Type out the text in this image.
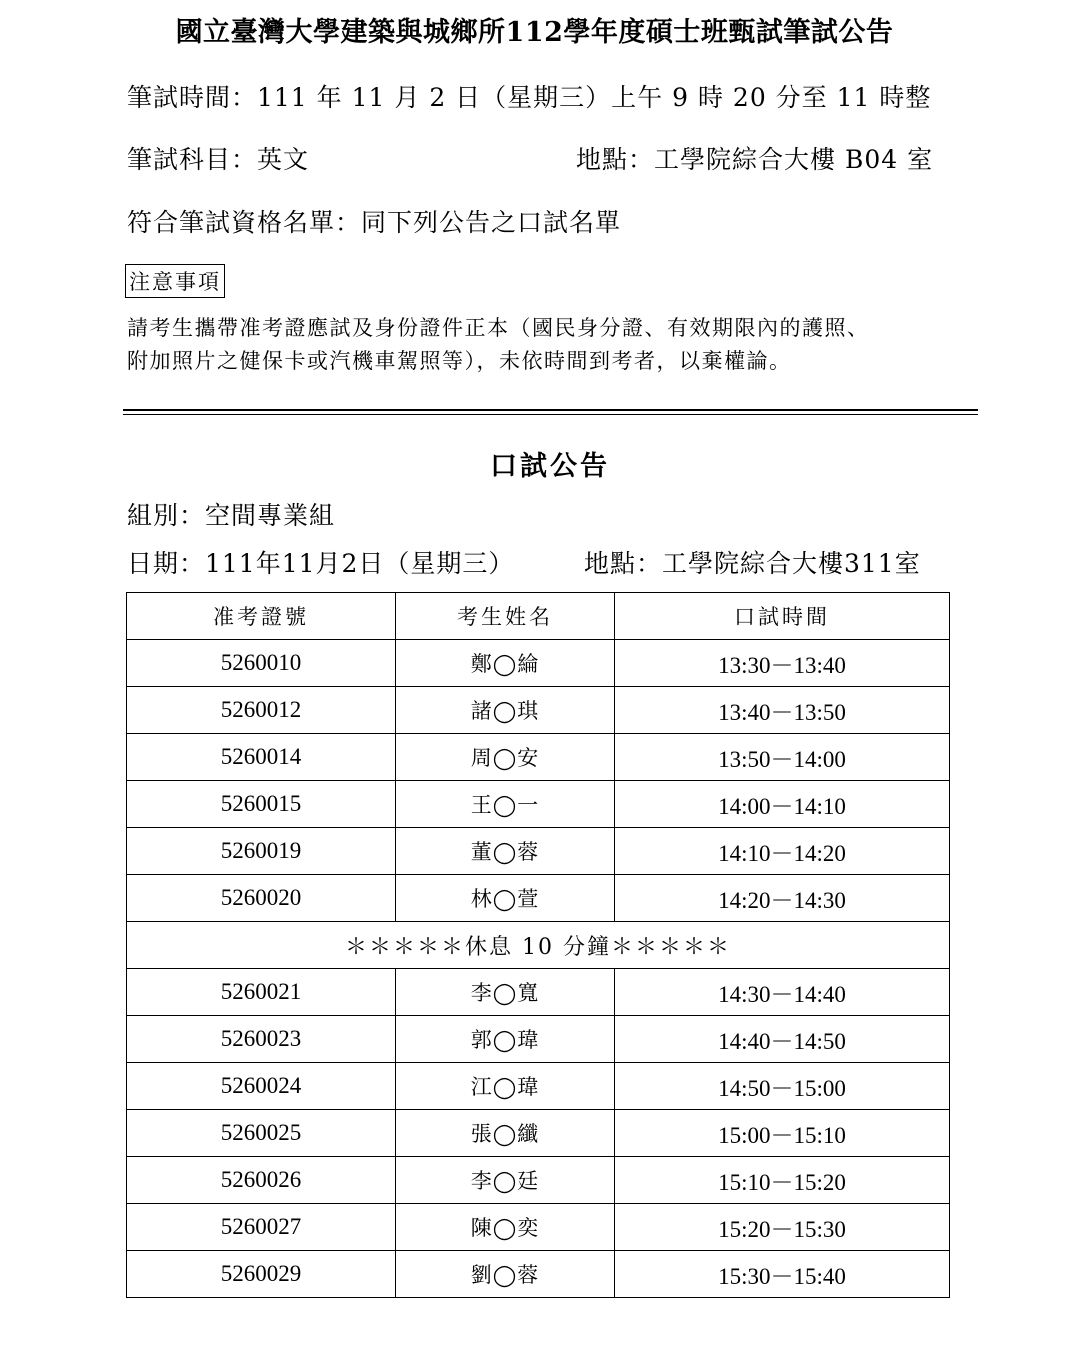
國立臺灣大學建築與城鄉所112學年度碩士班甄試筆試公告
筆試時間：111 年 11 月 2 日（星期三）上午 9 時 20 分至 11 時整
筆試科目：英文	地點：工學院綜合大樓 B04 室
符合筆試資格名單：同下列公告之口試名單
注意事項
請考生攜帶准考證應試及身份證件正本（國民身分證、有效期限內的護照、
附加照片之健保卡或汽機車駕照等），未依時間到考者，以棄權論。
口試公告
組別：空間專業組
日期：111年11月2日（星期三）	地點：工學院綜合大樓311室
准考證號	考生姓名	口試時間
5260010	鄭◯綸	13:30－13:40
5260012	諸◯琪	13:40－13:50
5260014	周◯安	13:50－14:00
5260015	王◯一	14:00－14:10
5260019	董◯蓉	14:10－14:20
5260020	林◯萱	14:20－14:30
＊＊＊＊＊休息 10 分鐘＊＊＊＊＊		
5260021	李◯寬	14:30－14:40
5260023	郭◯瑋	14:40－14:50
5260024	江◯瑋	14:50－15:00
5260025	張◯纖	15:00－15:10
5260026	李◯廷	15:10－15:20
5260027	陳◯奕	15:20－15:30
5260029	劉◯蓉	15:30－15:40
